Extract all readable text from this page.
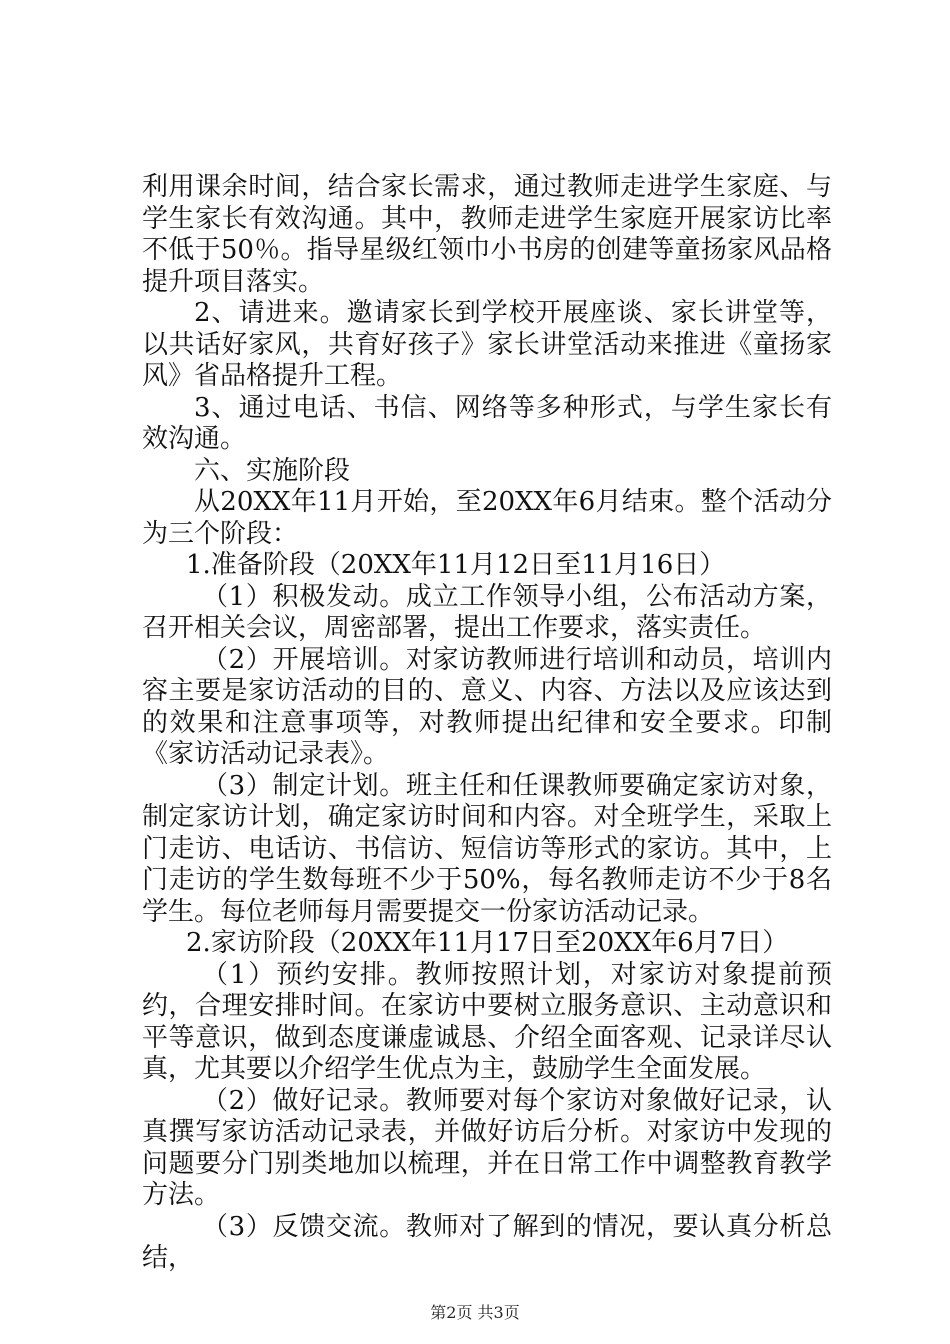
利用课余时间，结合家长需求，通过教师走进学生家庭、与学生家长有效沟通。其中，教师走进学生家庭开展家访比率不低于50％。指导星级红领巾小书房的创建等童扬家风品格提升项目落实。

2、请进来。邀请家长到学校开展座谈、家长讲堂等，以共话好家风，共育好孩子》家长讲堂活动来推进《童扬家风》省品格提升工程。

3、通过电话、书信、网络等多种形式，与学生家长有效沟通。

六、实施阶段

从20XX年11月开始，至20XX年6月结束。整个活动分为三个阶段：

1.准备阶段（20XX年11月12日至11月16日）

（1）积极发动。成立工作领导小组，公布活动方案，召开相关会议，周密部署，提出工作要求，落实责任。

（2）开展培训。对家访教师进行培训和动员，培训内容主要是家访活动的目的、意义、内容、方法以及应该达到的效果和注意事项等，对教师提出纪律和安全要求。印制《家访活动记录表》。

（3）制定计划。班主任和任课教师要确定家访对象，制定家访计划，确定家访时间和内容。对全班学生，采取上门走访、电话访、书信访、短信访等形式的家访。其中，上门走访的学生数每班不少于50%，每名教师走访不少于8名学生。每位老师每月需要提交一份家访活动记录。

2.家访阶段（20XX年11月17日至20XX年6月7日）

（1）预约安排。教师按照计划，对家访对象提前预约，合理安排时间。在家访中要树立服务意识、主动意识和平等意识，做到态度谦虚诚恳、介绍全面客观、记录详尽认真，尤其要以介绍学生优点为主，鼓励学生全面发展。

（2）做好记录。教师要对每个家访对象做好记录，认真撰写家访活动记录表，并做好访后分析。对家访中发现的问题要分门别类地加以梳理，并在日常工作中调整教育教学方法。

（3）反馈交流。教师对了解到的情况，要认真分析总结，

第2页 共3页
